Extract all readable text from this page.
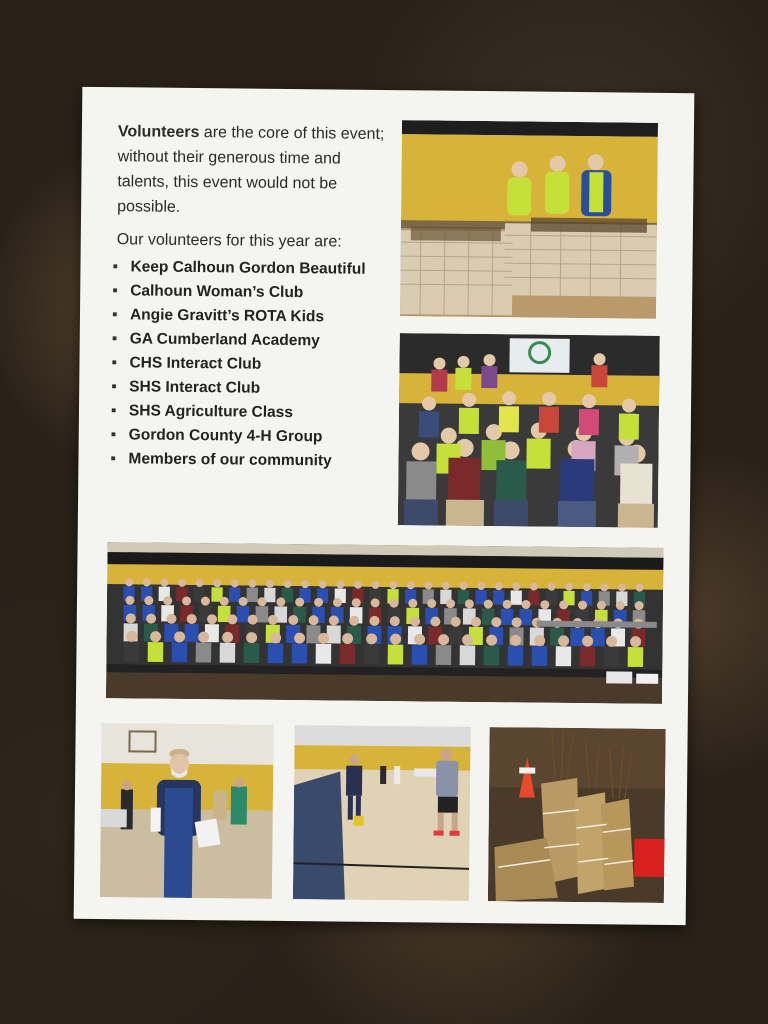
Volunteers are the core of this event; without their generous time and talents, this event would not be possible.
Our volunteers for this year are:
▪ Keep Calhoun Gordon Beautiful
▪ Calhoun Woman’s Club
▪ Angie Gravitt’s ROTA Kids
▪ GA Cumberland Academy
▪ CHS Interact Club
▪ SHS Interact Club
▪ SHS Agriculture Class
▪ Gordon County 4-H Group
▪ Members of our community
